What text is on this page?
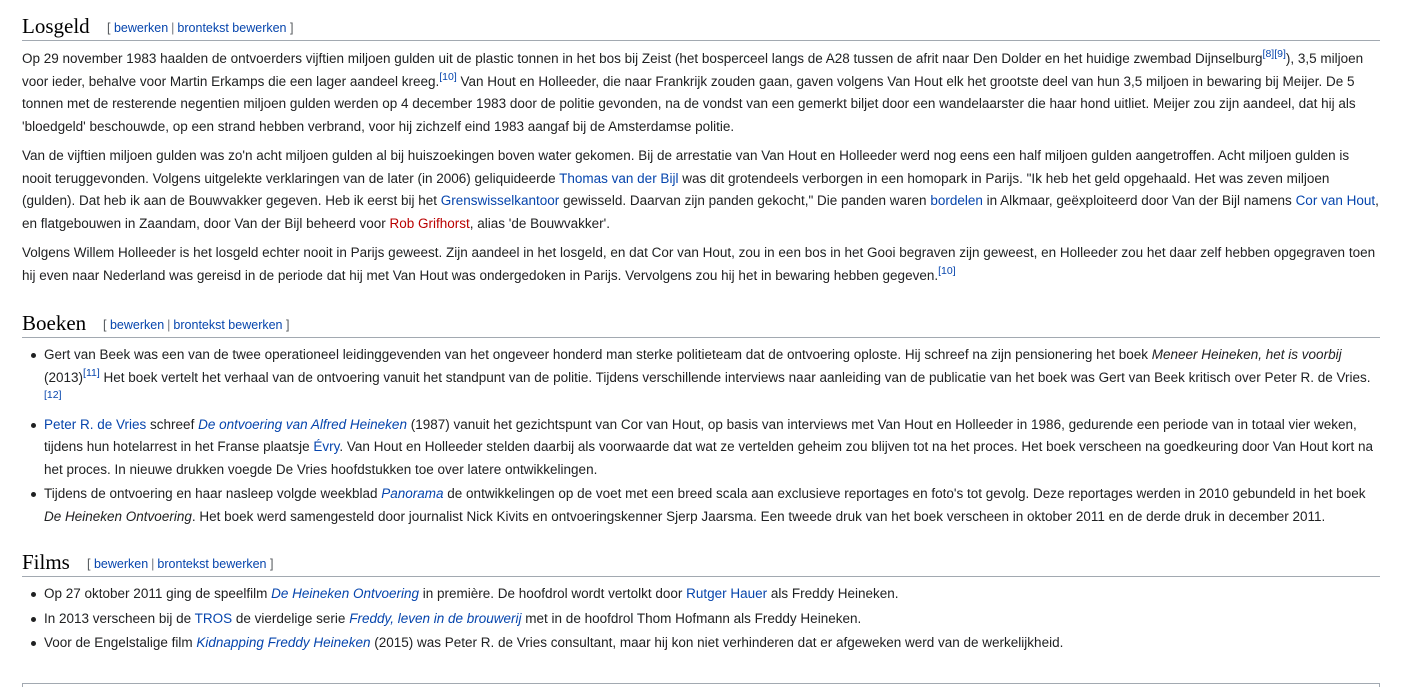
Losgeld [ bewerken | brontekst bewerken ]

Op 29 november 1983 haalden de ontvoerders vijftien miljoen gulden uit de plastic tonnen in het bos bij Zeist (het bosperceel langs de A28 tussen de afrit naar Den Dolder en het huidige zwembad Dijnselburg[8][9]), 3,5 miljoen voor ieder, behalve voor Martin Erkamps die een lager aandeel kreeg.[10] Van Hout en Holleeder, die naar Frankrijk zouden gaan, gaven volgens Van Hout elk het grootste deel van hun 3,5 miljoen in bewaring bij Meijer. De 5 tonnen met de resterende negentien miljoen gulden werden op 4 december 1983 door de politie gevonden, na de vondst van een gemerkt biljet door een wandelaarster die haar hond uitliet. Meijer zou zijn aandeel, dat hij als 'bloedgeld' beschouwde, op een strand hebben verbrand, voor hij zichzelf eind 1983 aangaf bij de Amsterdamse politie.

Van de vijftien miljoen gulden was zo'n acht miljoen gulden al bij huiszoekingen boven water gekomen. Bij de arrestatie van Van Hout en Holleeder werd nog eens een half miljoen gulden aangetroffen. Acht miljoen gulden is nooit teruggevonden. Volgens uitgelekte verklaringen van de later (in 2006) geliquideerde Thomas van der Bijl was dit grotendeels verborgen in een homopark in Parijs. "Ik heb het geld opgehaald. Het was zeven miljoen (gulden). Dat heb ik aan de Bouwvakker gegeven. Heb ik eerst bij het Grenswisselkantoor gewisseld. Daarvan zijn panden gekocht," Die panden waren bordelen in Alkmaar, geëxploiteerd door Van der Bijl namens Cor van Hout, en flatgebouwen in Zaandam, door Van der Bijl beheerd voor Rob Grifhorst, alias 'de Bouwvakker'.

Volgens Willem Holleeder is het losgeld echter nooit in Parijs geweest. Zijn aandeel in het losgeld, en dat Cor van Hout, zou in een bos in het Gooi begraven zijn geweest, en Holleeder zou het daar zelf hebben opgegraven toen hij even naar Nederland was gereisd in de periode dat hij met Van Hout was ondergedoken in Parijs. Vervolgens zou hij het in bewaring hebben gegeven.[10]

Boeken [ bewerken | brontekst bewerken ]
Gert van Beek was een van de twee operationeel leidinggevenden van het ongeveer honderd man sterke politieteam dat de ontvoering oploste. Hij schreef na zijn pensionering het boek Meneer Heineken, het is voorbij (2013)[11] Het boek vertelt het verhaal van de ontvoering vanuit het standpunt van de politie. Tijdens verschillende interviews naar aanleiding van de publicatie van het boek was Gert van Beek kritisch over Peter R. de Vries.[12]
Peter R. de Vries schreef De ontvoering van Alfred Heineken (1987) vanuit het gezichtspunt van Cor van Hout, op basis van interviews met Van Hout en Holleeder in 1986, gedurende een periode van in totaal vier weken, tijdens hun hotelarrest in het Franse plaatsje Évry. Van Hout en Holleeder stelden daarbij als voorwaarde dat wat ze vertelden geheim zou blijven tot na het proces. Het boek verscheen na goedkeuring door Van Hout kort na het proces. In nieuwe drukken voegde De Vries hoofdstukken toe over latere ontwikkelingen.
Tijdens de ontvoering en haar nasleep volgde weekblad Panorama de ontwikkelingen op de voet met een breed scala aan exclusieve reportages en foto's tot gevolg. Deze reportages werden in 2010 gebundeld in het boek De Heineken Ontvoering. Het boek werd samengesteld door journalist Nick Kivits en ontvoeringskenner Sjerp Jaarsma. Een tweede druk van het boek verscheen in oktober 2011 en de derde druk in december 2011.
Films [ bewerken | brontekst bewerken ]
Op 27 oktober 2011 ging de speelfilm De Heineken Ontvoering in première. De hoofdrol wordt vertolkt door Rutger Hauer als Freddy Heineken.
In 2013 verscheen bij de TROS de vierdelige serie Freddy, leven in de brouwerij met in de hoofdrol Thom Hofmann als Freddy Heineken.
Voor de Engelstalige film Kidnapping Freddy Heineken (2015) was Peter R. de Vries consultant, maar hij kon niet verhinderen dat er afgeweken werd van de werkelijkheid.
